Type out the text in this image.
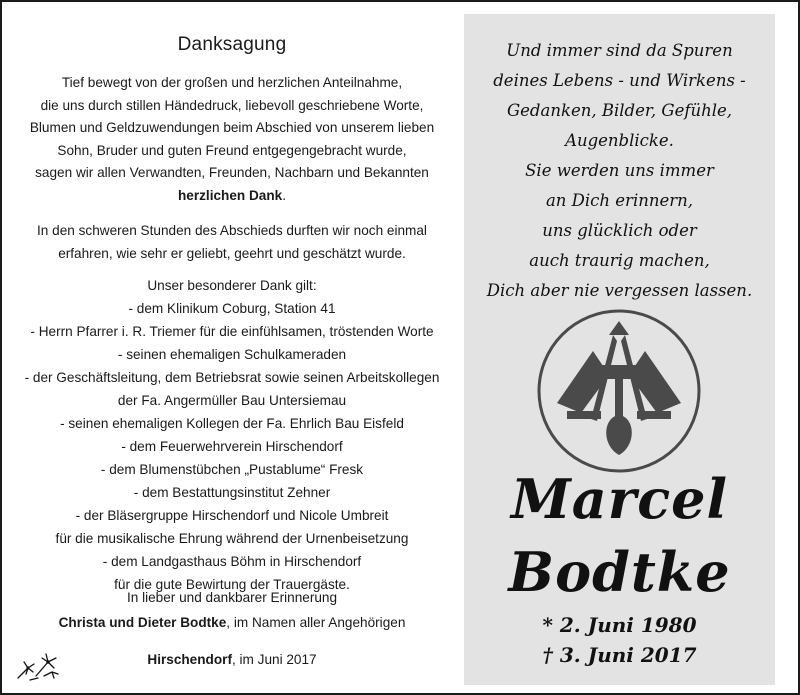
Danksagung
Tief bewegt von der großen und herzlichen Anteilnahme,
die uns durch stillen Händedruck, liebevoll geschriebene Worte,
Blumen und Geldzuwendungen beim Abschied von unserem lieben
Sohn, Bruder und guten Freund entgegengebracht wurde,
sagen wir allen Verwandten, Freunden, Nachbarn und Bekannten
herzlichen Dank.
In den schweren Stunden des Abschieds durften wir noch einmal
erfahren, wie sehr er geliebt, geehrt und geschätzt wurde.
Unser besonderer Dank gilt:
- dem Klinikum Coburg, Station 41
- Herrn Pfarrer i. R. Triemer für die einfühlsamen, tröstenden Worte
- seinen ehemaligen Schulkameraden
- der Geschäftsleitung, dem Betriebsrat sowie seinen Arbeitskollegen
der Fa. Angermüller Bau Untersiemau
- seinen ehemaligen Kollegen der Fa. Ehrlich Bau Eisfeld
- dem Feuerwehrverein Hirschendorf
- dem Blumenstübchen „Pustablume“ Fresk
- dem Bestattungsinstitut Zehner
- der Bläsergruppe Hirschendorf und Nicole Umbreit
für die musikalische Ehrung während der Urnenbeisetzung
- dem Landgasthaus Böhm in Hirschendorf
für die gute Bewirtung der Trauergäste.
In lieber und dankbarer Erinnerung
Christa und Dieter Bodtke, im Namen aller Angehörigen
Hirschendorf, im Juni 2017
Und immer sind da Spuren
deines Lebens - und Wirkens -
Gedanken, Bilder, Gefühle,
Augenblicke.
Sie werden uns immer
an Dich erinnern,
uns glücklich oder
auch traurig machen,
Dich aber nie vergessen lassen.
Marcel
Bodtke
* 2. Juni 1980
† 3. Juni 2017
